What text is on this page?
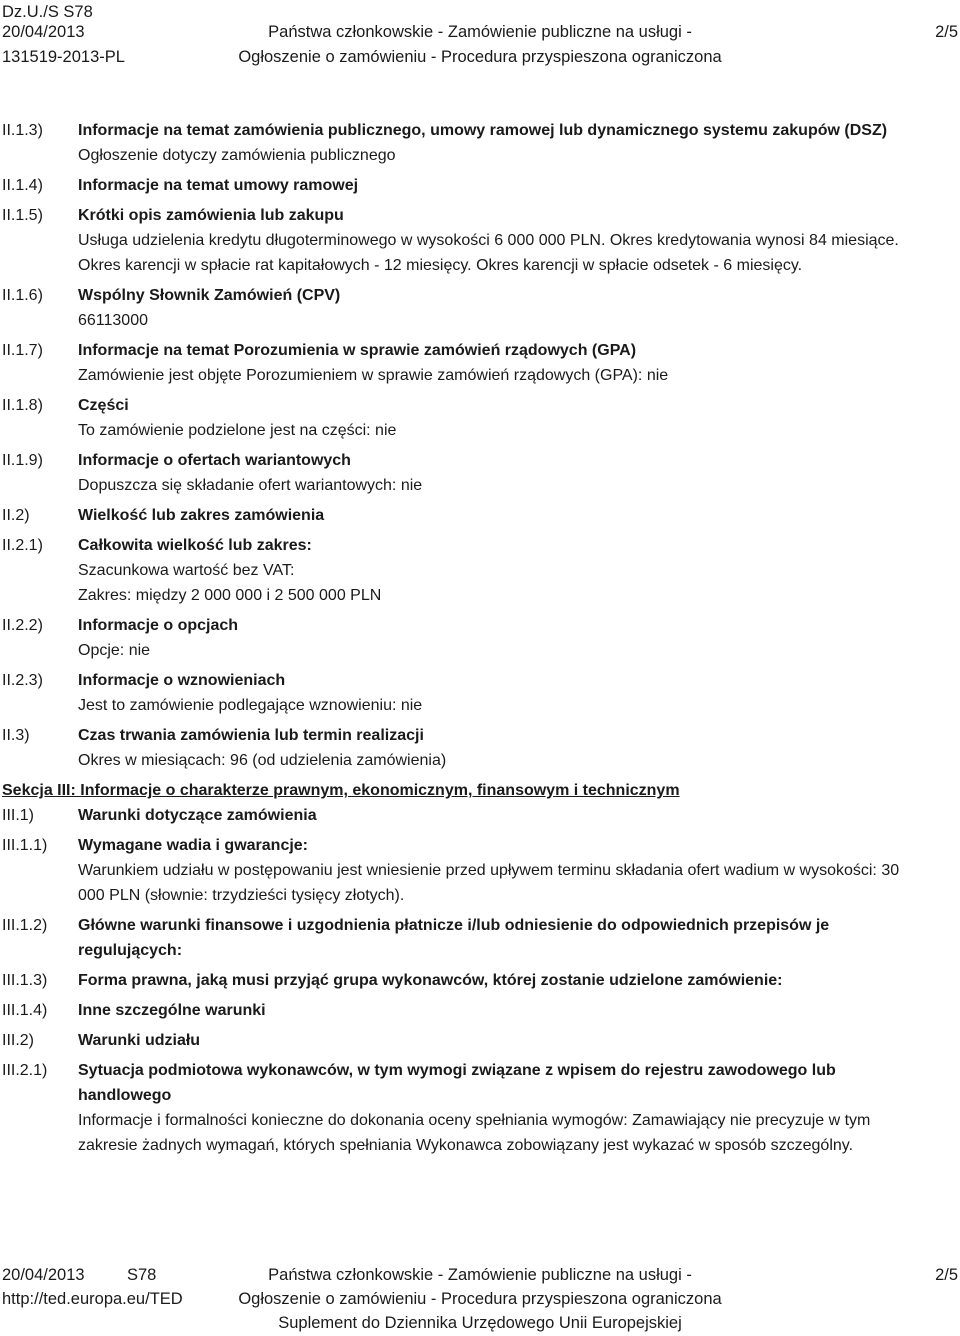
Dz.U./S S78
20/04/2013
131519-2013-PL
Państwa członkowskie - Zamówienie publiczne na usługi -
Ogłoszenie o zamówieniu - Procedura przyspieszona ograniczona
2/5
II.1.3)	Informacje na temat zamówienia publicznego, umowy ramowej lub dynamicznego systemu zakupów (DSZ)
Ogłoszenie dotyczy zamówienia publicznego
II.1.4)	Informacje na temat umowy ramowej
II.1.5)	Krótki opis zamówienia lub zakupu
Usługa udzielenia kredytu długoterminowego w wysokości 6 000 000 PLN. Okres kredytowania wynosi 84 miesiące. Okres karencji w spłacie rat kapitałowych - 12 miesięcy. Okres karencji w spłacie odsetek - 6 miesięcy.
II.1.6)	Wspólny Słownik Zamówień (CPV)
66113000
II.1.7)	Informacje na temat Porozumienia w sprawie zamówień rządowych (GPA)
Zamówienie jest objęte Porozumieniem w sprawie zamówień rządowych (GPA): nie
II.1.8)	Części
To zamówienie podzielone jest na części: nie
II.1.9)	Informacje o ofertach wariantowych
Dopuszcza się składanie ofert wariantowych: nie
II.2)	Wielkość lub zakres zamówienia
II.2.1)	Całkowita wielkość lub zakres:
Szacunkowa wartość bez VAT:
Zakres: między 2 000 000 i 2 500 000 PLN
II.2.2)	Informacje o opcjach
Opcje: nie
II.2.3)	Informacje o wznowieniach
Jest to zamówienie podlegające wznowieniu: nie
II.3)	Czas trwania zamówienia lub termin realizacji
Okres w miesiącach: 96 (od udzielenia zamówienia)
Sekcja III: Informacje o charakterze prawnym, ekonomicznym, finansowym i technicznym
III.1)	Warunki dotyczące zamówienia
III.1.1)	Wymagane wadia i gwarancje:
Warunkiem udziału w postępowaniu jest wniesienie przed upływem terminu składania ofert wadium w wysokości: 30 000 PLN (słownie: trzydzieści tysięcy złotych).
III.1.2)	Główne warunki finansowe i uzgodnienia płatnicze i/lub odniesienie do odpowiednich przepisów je regulujących:
III.1.3)	Forma prawna, jaką musi przyjąć grupa wykonawców, której zostanie udzielone zamówienie:
III.1.4)	Inne szczególne warunki
III.2)	Warunki udziału
III.2.1)	Sytuacja podmiotowa wykonawców, w tym wymogi związane z wpisem do rejestru zawodowego lub handlowego
Informacje i formalności konieczne do dokonania oceny spełniania wymogów: Zamawiający nie precyzuje w tym zakresie żadnych wymagań, których spełniania Wykonawca zobowiązany jest wykazać w sposób szczególny.
20/04/2013	S78
http://ted.europa.eu/TED
Państwa członkowskie - Zamówienie publiczne na usługi -
Ogłoszenie o zamówieniu - Procedura przyspieszona ograniczona
Suplement do Dziennika Urzędowego Unii Europejskiej
2/5
